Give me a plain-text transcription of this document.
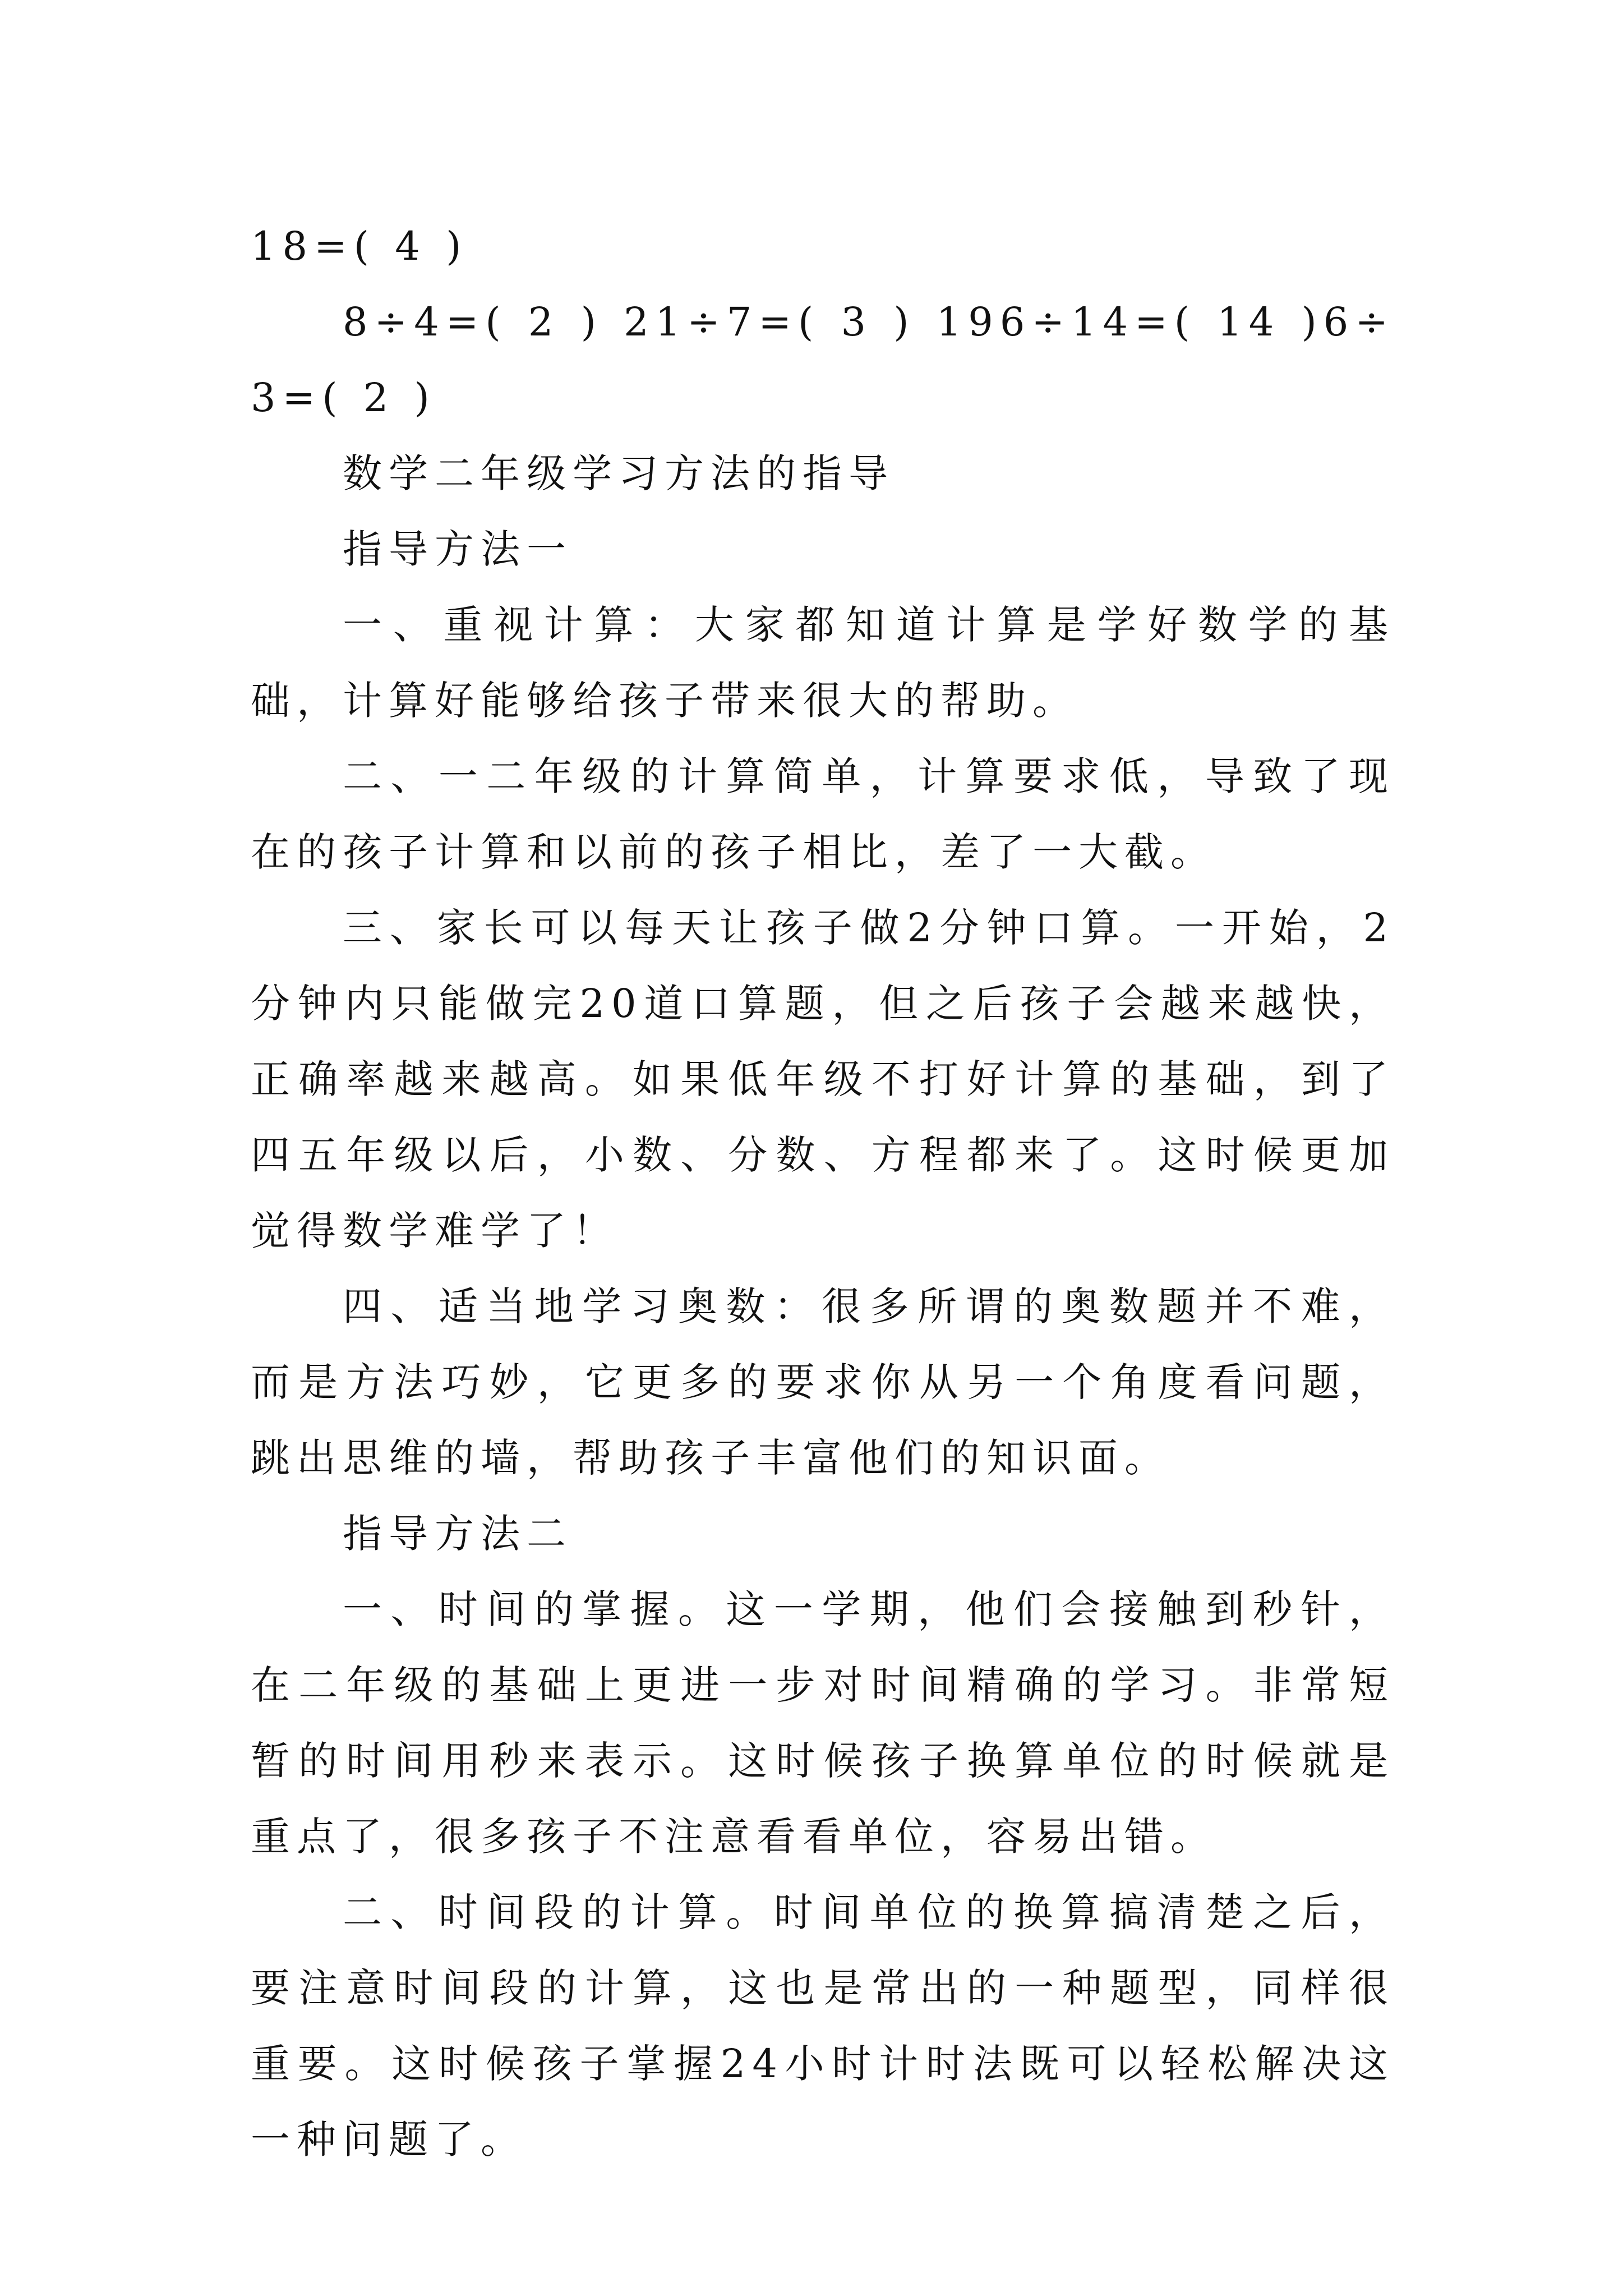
18=( 4 )

8÷4=( 2 ) 21÷7=( 3 ) 196÷14=( 14 )6÷3=( 2 )

数学二年级学习方法的指导

指导方法一

一、重视计算：大家都知道计算是学好数学的基础，计算好能够给孩子带来很大的帮助。

二、一二年级的计算简单，计算要求低，导致了现在的孩子计算和以前的孩子相比，差了一大截。

三、家长可以每天让孩子做2分钟口算。一开始，2分钟内只能做完20道口算题，但之后孩子会越来越快，正确率越来越高。如果低年级不打好计算的基础，到了四五年级以后，小数、分数、方程都来了。这时候更加觉得数学难学了！

四、适当地学习奥数：很多所谓的奥数题并不难，而是方法巧妙，它更多的要求你从另一个角度看问题，跳出思维的墙，帮助孩子丰富他们的知识面。

指导方法二

一、时间的掌握。这一学期，他们会接触到秒针，在二年级的基础上更进一步对时间精确的学习。非常短暂的时间用秒来表示。这时候孩子换算单位的时候就是重点了，很多孩子不注意看看单位，容易出错。

二、时间段的计算。时间单位的换算搞清楚之后，要注意时间段的计算，这也是常出的一种题型，同样很重要。这时候孩子掌握24小时计时法既可以轻松解决这一种问题了。
